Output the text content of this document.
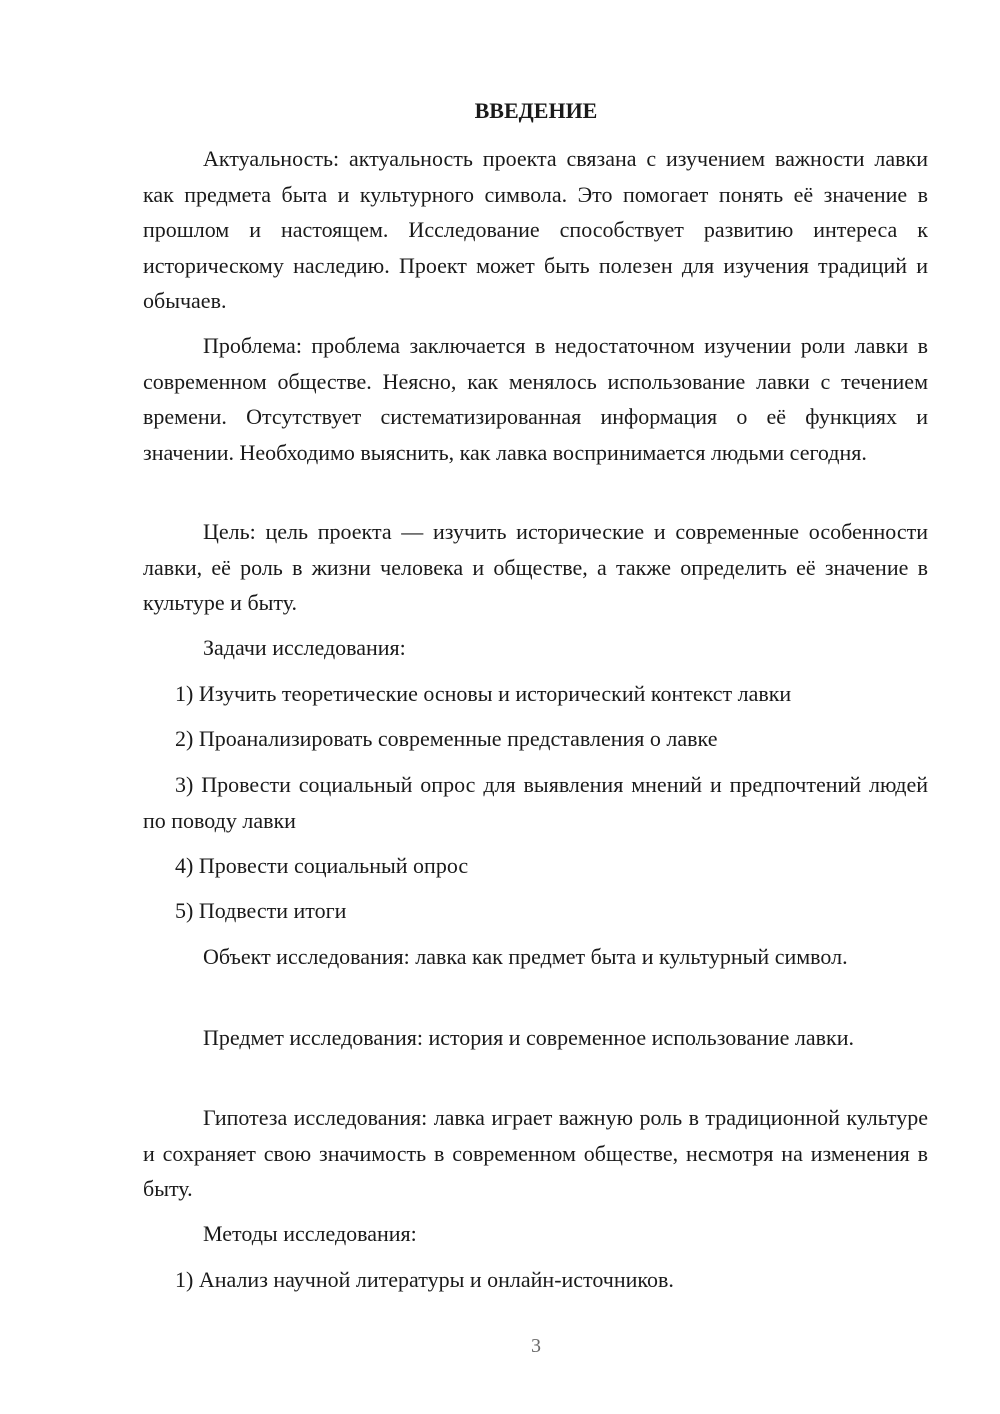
ВВЕДЕНИЕ

Актуальность: актуальность проекта связана с изучением важности лавки как предмета быта и культурного символа. Это помогает понять её значение в прошлом и настоящем. Исследование способствует развитию интереса к историческому наследию. Проект может быть полезен для изучения традиций и обычаев.

Проблема: проблема заключается в недостаточном изучении роли лавки в современном обществе. Неясно, как менялось использование лавки с течением времени. Отсутствует систематизированная информация о её функциях и значении. Необходимо выяснить, как лавка воспринимается людьми сегодня.

Цель: цель проекта — изучить исторические и современные особенности лавки, её роль в жизни человека и обществе, а также определить её значение в культуре и быту.

Задачи исследования:

1) Изучить теоретические основы и исторический контекст лавки

2) Проанализировать современные представления о лавке

3) Провести социальный опрос для выявления мнений и предпочтений людей по поводу лавки

4) Провести социальный опрос

5) Подвести итоги

Объект исследования: лавка как предмет быта и культурный символ.

Предмет исследования: история и современное использование лавки.

Гипотеза исследования: лавка играет важную роль в традиционной культуре и сохраняет свою значимость в современном обществе, несмотря на изменения в быту.

Методы исследования:

1) Анализ научной литературы и онлайн-источников.

3
